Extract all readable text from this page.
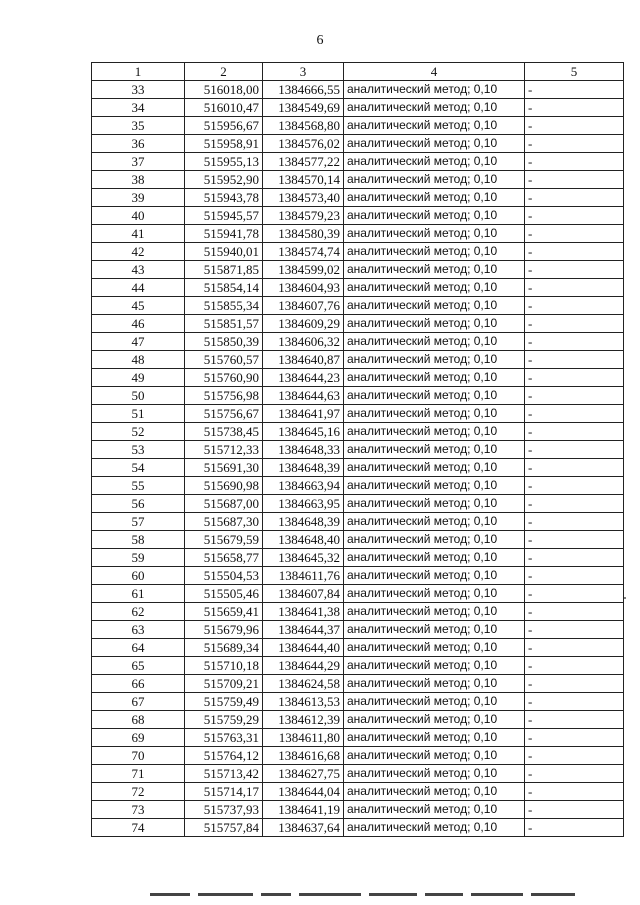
6
1	2	3	4	5
33	516018,00	1384666,55	аналитический метод; 0,10	-
34	516010,47	1384549,69	аналитический метод; 0,10	-
35	515956,67	1384568,80	аналитический метод; 0,10	-
36	515958,91	1384576,02	аналитический метод; 0,10	-
37	515955,13	1384577,22	аналитический метод; 0,10	-
38	515952,90	1384570,14	аналитический метод; 0,10	-
39	515943,78	1384573,40	аналитический метод; 0,10	-
40	515945,57	1384579,23	аналитический метод; 0,10	-
41	515941,78	1384580,39	аналитический метод; 0,10	-
42	515940,01	1384574,74	аналитический метод; 0,10	-
43	515871,85	1384599,02	аналитический метод; 0,10	-
44	515854,14	1384604,93	аналитический метод; 0,10	-
45	515855,34	1384607,76	аналитический метод; 0,10	-
46	515851,57	1384609,29	аналитический метод; 0,10	-
47	515850,39	1384606,32	аналитический метод; 0,10	-
48	515760,57	1384640,87	аналитический метод; 0,10	-
49	515760,90	1384644,23	аналитический метод; 0,10	-
50	515756,98	1384644,63	аналитический метод; 0,10	-
51	515756,67	1384641,97	аналитический метод; 0,10	-
52	515738,45	1384645,16	аналитический метод; 0,10	-
53	515712,33	1384648,33	аналитический метод; 0,10	-
54	515691,30	1384648,39	аналитический метод; 0,10	-
55	515690,98	1384663,94	аналитический метод; 0,10	-
56	515687,00	1384663,95	аналитический метод; 0,10	-
57	515687,30	1384648,39	аналитический метод; 0,10	-
58	515679,59	1384648,40	аналитический метод; 0,10	-
59	515658,77	1384645,32	аналитический метод; 0,10	-
60	515504,53	1384611,76	аналитический метод; 0,10	-
61	515505,46	1384607,84	аналитический метод; 0,10	-
62	515659,41	1384641,38	аналитический метод; 0,10	-
63	515679,96	1384644,37	аналитический метод; 0,10	-
64	515689,34	1384644,40	аналитический метод; 0,10	-
65	515710,18	1384644,29	аналитический метод; 0,10	-
66	515709,21	1384624,58	аналитический метод; 0,10	-
67	515759,49	1384613,53	аналитический метод; 0,10	-
68	515759,29	1384612,39	аналитический метод; 0,10	-
69	515763,31	1384611,80	аналитический метод; 0,10	-
70	515764,12	1384616,68	аналитический метод; 0,10	-
71	515713,42	1384627,75	аналитический метод; 0,10	-
72	515714,17	1384644,04	аналитический метод; 0,10	-
73	515737,93	1384641,19	аналитический метод; 0,10	-
74	515757,84	1384637,64	аналитический метод; 0,10	-
